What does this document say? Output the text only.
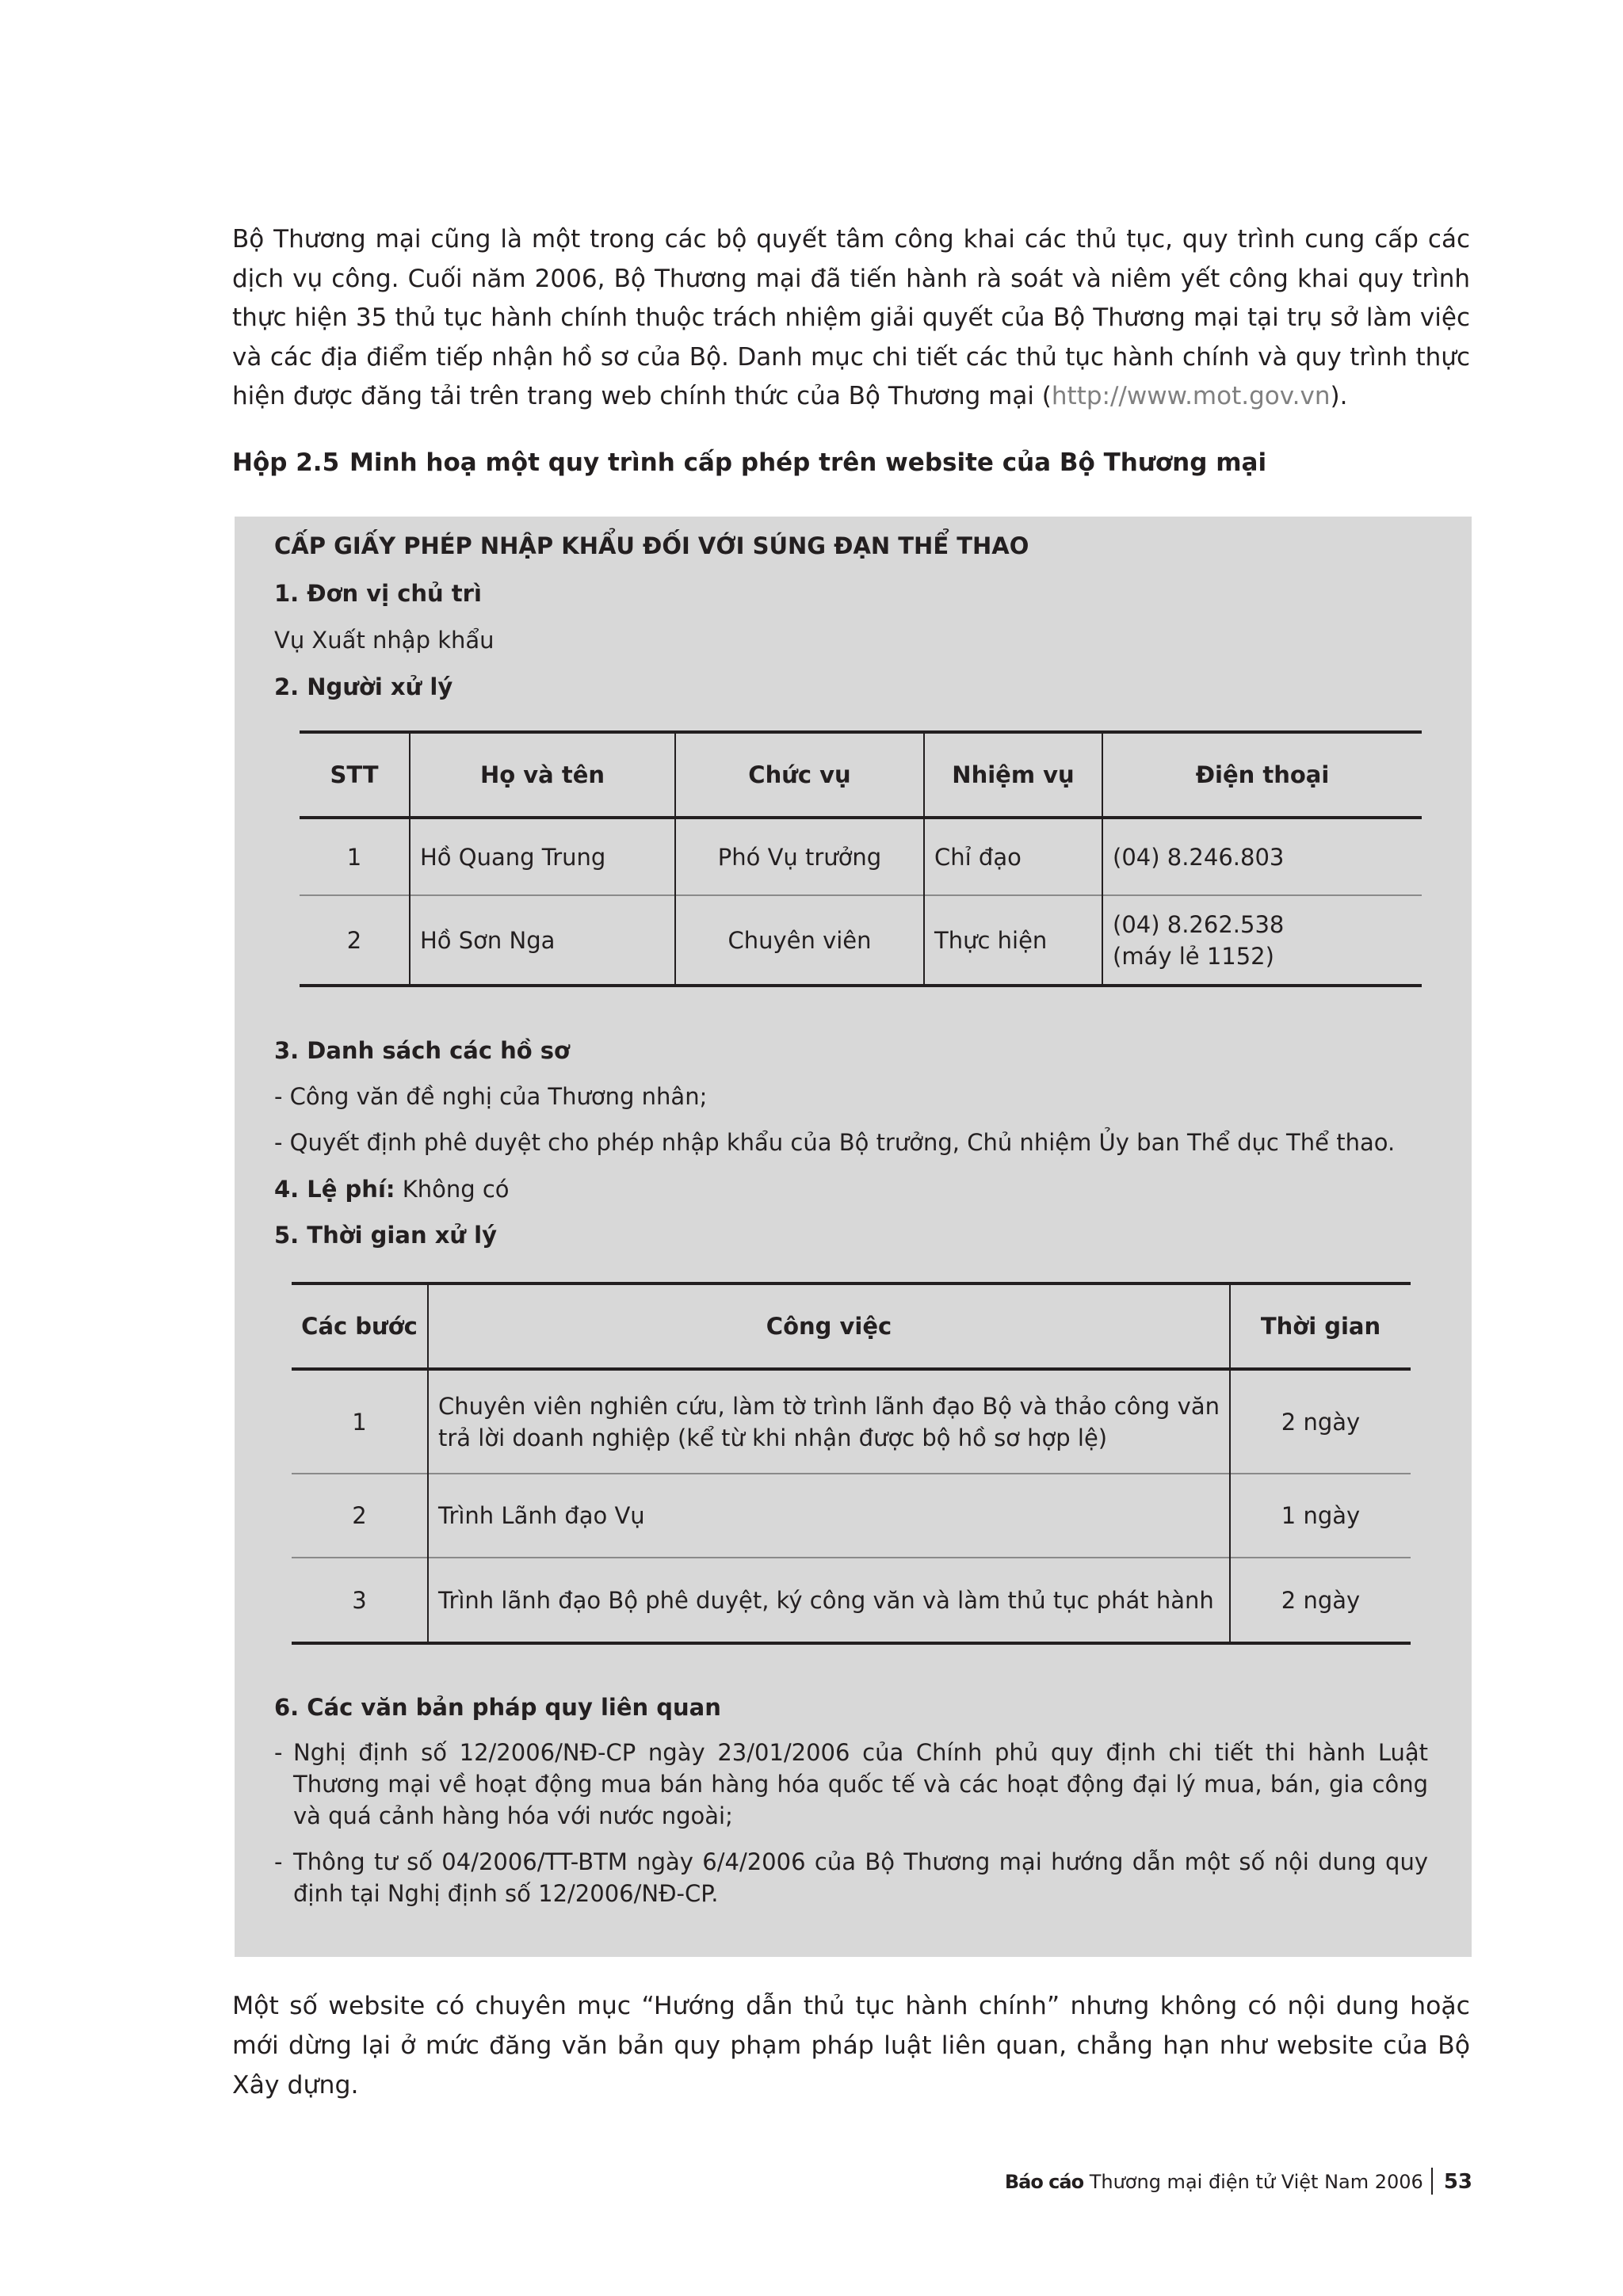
Bộ Thương mại cũng là một trong các bộ quyết tâm công khai các thủ tục, quy trình cung cấp các dịch vụ công. Cuối năm 2006, Bộ Thương mại đã tiến hành rà soát và niêm yết công khai quy trình thực hiện 35 thủ tục hành chính thuộc trách nhiệm giải quyết của Bộ Thương mại tại trụ sở làm việc và các địa điểm tiếp nhận hồ sơ của Bộ. Danh mục chi tiết các thủ tục hành chính và quy trình thực hiện được đăng tải trên trang web chính thức của Bộ Thương mại (http://www.mot.gov.vn).

Hộp 2.5 Minh hoạ một quy trình cấp phép trên website của Bộ Thương mại

CẤP GIẤY PHÉP NHẬP KHẨU ĐỐI VỚI SÚNG ĐẠN THỂ THAO
1. Đơn vị chủ trì
Vụ Xuất nhập khẩu
2. Người xử lý
STT	Họ và tên	Chức vụ	Nhiệm vụ	Điện thoại
1	Hồ Quang Trung	Phó Vụ trưởng	Chỉ đạo	(04) 8.246.803
2	Hồ Sơn Nga	Chuyên viên	Thực hiện	(04) 8.262.538
(máy lẻ 1152)
3. Danh sách các hồ sơ
- Công văn đề nghị của Thương nhân;
- Quyết định phê duyệt cho phép nhập khẩu của Bộ trưởng, Chủ nhiệm Ủy ban Thể dục Thể thao.
4. Lệ phí: Không có
5. Thời gian xử lý
Các bước	Công việc	Thời gian
1	Chuyên viên nghiên cứu, làm tờ trình lãnh đạo Bộ và thảo công văn trả lời doanh nghiệp (kể từ khi nhận được bộ hồ sơ hợp lệ)	2 ngày
2	Trình Lãnh đạo Vụ	1 ngày
3	Trình lãnh đạo Bộ phê duyệt, ký công văn và làm thủ tục phát hành	2 ngày
6. Các văn bản pháp quy liên quan
- Nghị định số 12/2006/NĐ-CP ngày 23/01/2006 của Chính phủ quy định chi tiết thi hành Luật Thương mại về hoạt động mua bán hàng hóa quốc tế và các hoạt động đại lý mua, bán, gia công và quá cảnh hàng hóa với nước ngoài;
- Thông tư số 04/2006/TT-BTM ngày 6/4/2006 của Bộ Thương mại hướng dẫn một số nội dung quy định tại Nghị định số 12/2006/NĐ-CP.

Một số website có chuyên mục “Hướng dẫn thủ tục hành chính” nhưng không có nội dung hoặc mới dừng lại ở mức đăng văn bản quy phạm pháp luật liên quan, chẳng hạn như website của Bộ Xây dựng.

Báo cáo Thương mại điện tử Việt Nam 2006 53
